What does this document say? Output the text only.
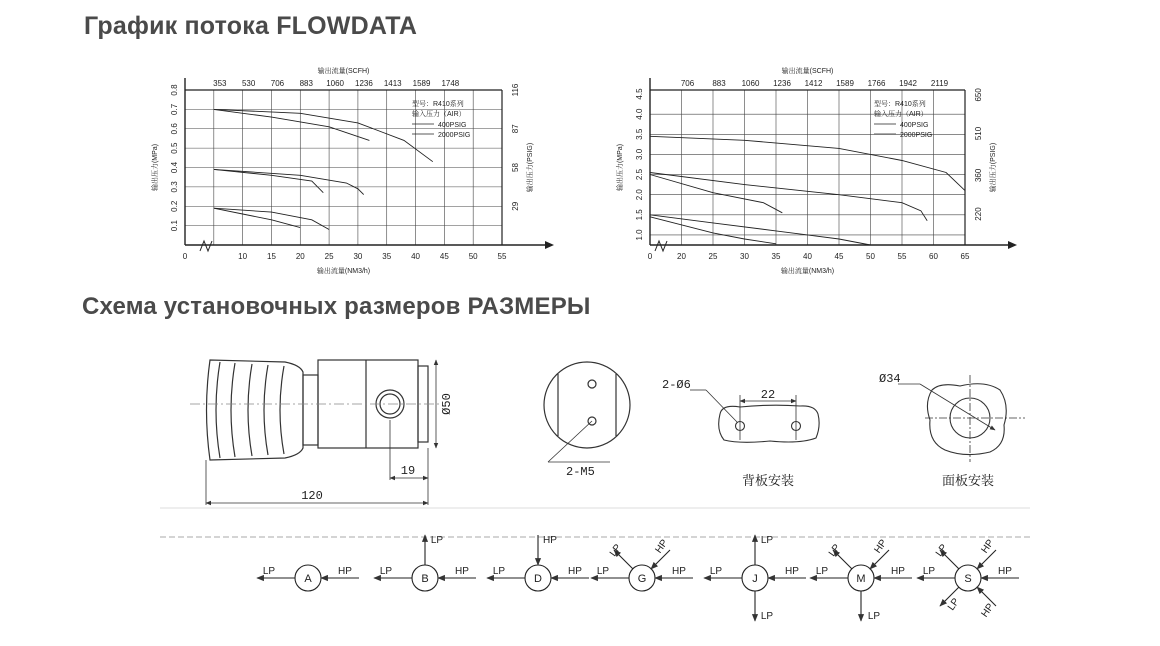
График потока FLOWDATA
Схема установочных размеров РАЗМЕРЫ
0	10 15 20 25 30 35 40 45 50 55
353 530 706 883 1060 1236 1413 1589 1748
0.1
0.2
0.3
0.4
0.5
0.6
0.7
0.8
29
58
87
116
输出流量(SCFH)
输出流量(NM3/h)
输出压力(MPa)	输出压力(PSIG)
型号：R410系列
输入压力（AIR）
400PSIG
2000PSIG
0	20	25	30	35	40	45	50	55	60	65
706 883 1060 1236 1412 1589 1766 1942 2119
1.0
1.5
2.0
2.5
3.0
3.5
4.0
4.5
220
360
510
650
输出流量(SCFH)
输出流量(NM3/h)
输出压力(MPa)	输出压力(PSIG)
型号：R410系列
输入压力（AIR）
400PSIG
2000PSIG
120
19
Ø50
2-M5
2-Ø6
22
背板安装
Ø34
面板安装
A
LP	HP
B
LP	HP
LP
D
LP	HP
HP
G
LP	HP
LP	HP
J
LP	HP
LP
LP
M
LP	HP
LP	HP
LP
S
LP	HP
LP	HP
LP HP
